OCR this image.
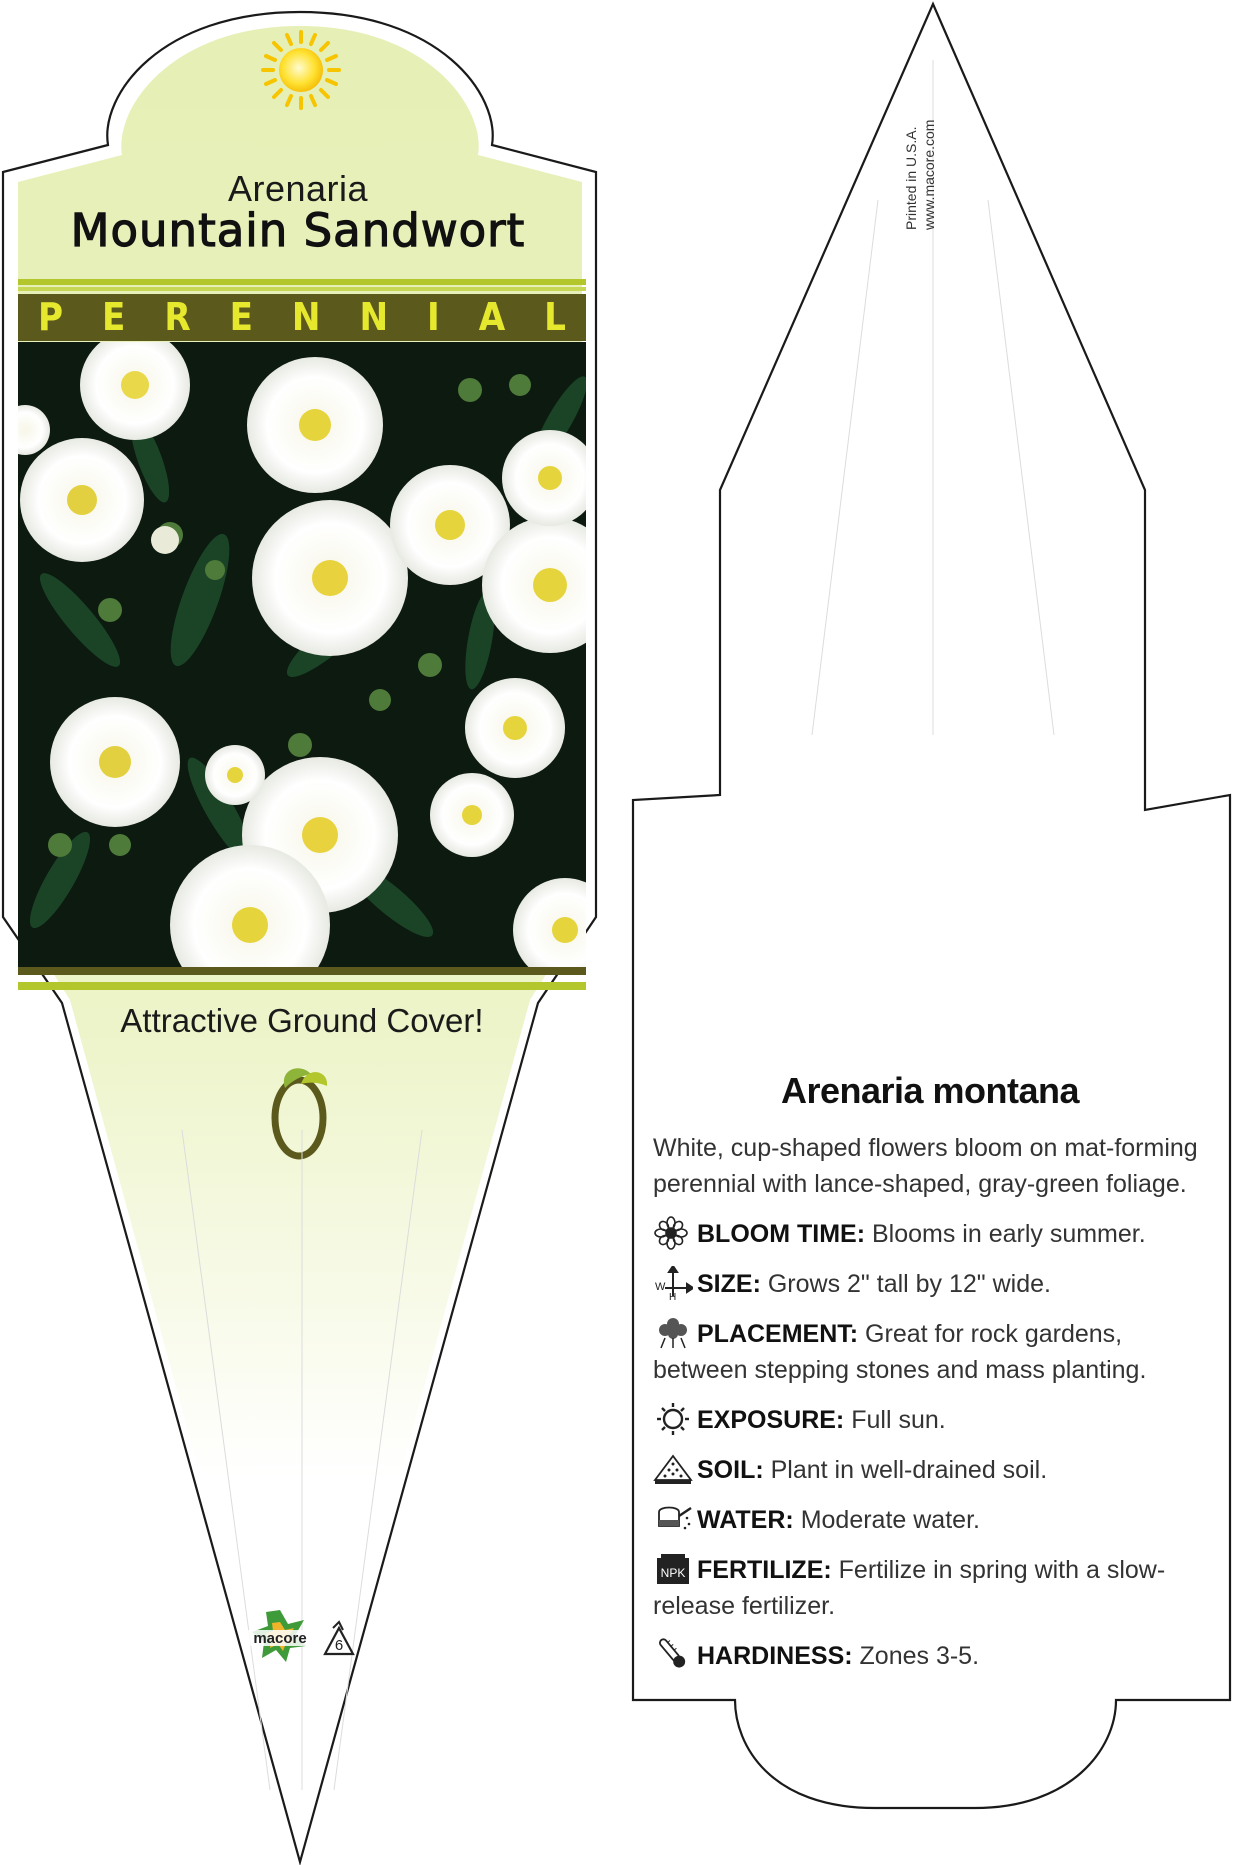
macore 6
Arenaria
Mountain Sandwort
P E R E N N I A L
Attractive Ground Cover!
Printed in U.S.A. www.macore.com
Arenaria montana
White, cup-shaped flowers bloom on mat-forming perennial with lance-shaped, gray-green foliage.
BLOOM TIME: Blooms in early summer.
W
H SIZE: Grows 2" tall by 12" wide.
PLACEMENT: Great for rock gardens, between stepping stones and mass planting.
EXPOSURE: Full sun.
SOIL: Plant in well-drained soil.
WATER: Moderate water.
NPK FERTILIZE: Fertilize in spring with a slow-release fertilizer.
HARDINESS: Zones 3-5.
